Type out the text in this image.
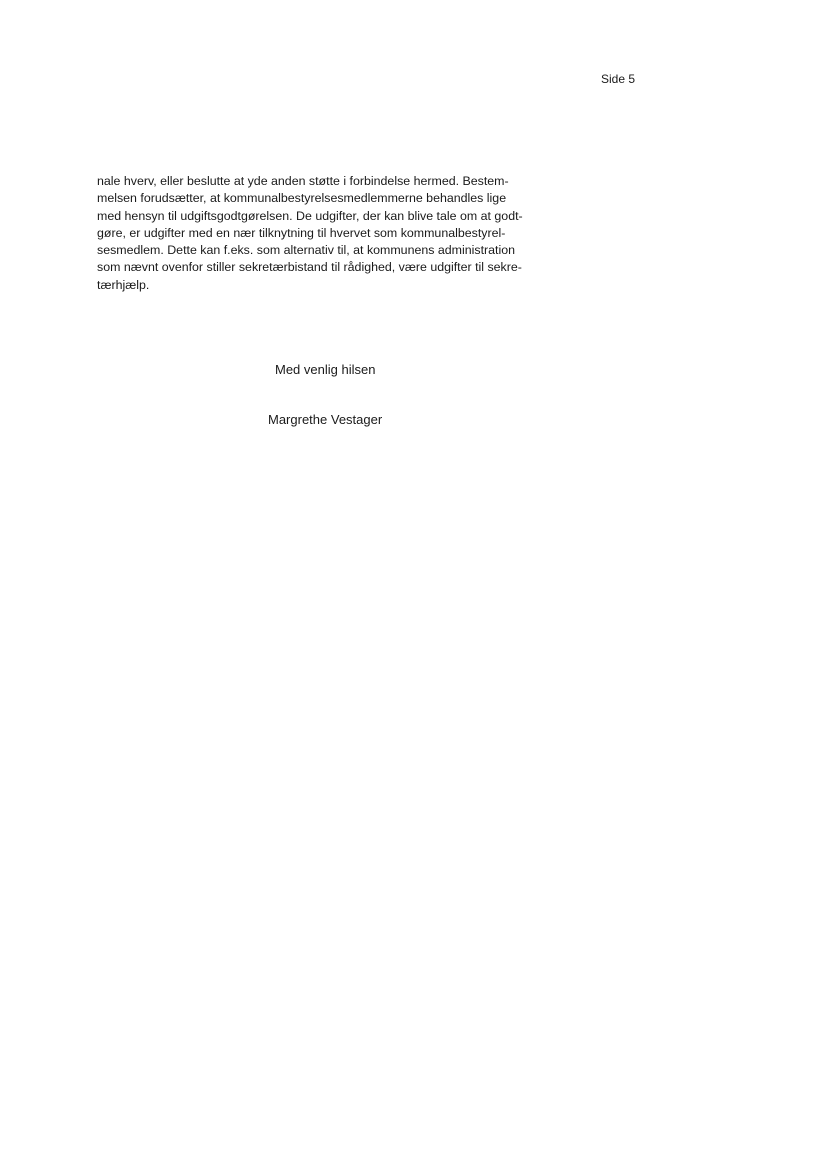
Side 5
nale hverv, eller beslutte at yde anden støtte i forbindelse hermed. Bestem-
melsen forudsætter, at kommunalbestyrelsesmedlemmerne behandles lige
med hensyn til udgiftsgodtgørelsen. De udgifter, der kan blive tale om at godt-
gøre, er udgifter med en nær tilknytning til hvervet som kommunalbestyrel-
sesmedlem. Dette kan f.eks. som alternativ til, at kommunens administration
som nævnt ovenfor stiller sekretærbistand til rådighed, være udgifter til sekre-
tærhjælp.
Med venlig hilsen
Margrethe Vestager
